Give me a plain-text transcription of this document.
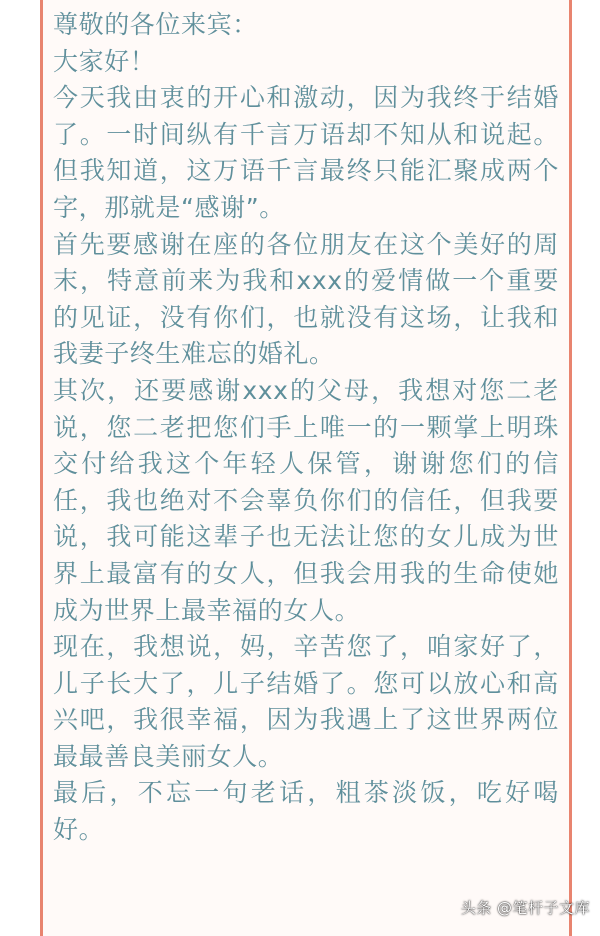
尊敬的各位来宾：

大家好！

今天我由衷的开心和激动，因为我终于结婚了。一时间纵有千言万语却不知从和说起。但我知道，这万语千言最终只能汇聚成两个字，那就是“感谢”。

首先要感谢在座的各位朋友在这个美好的周末，特意前来为我和xxx的爱情做一个重要的见证，没有你们，也就没有这场，让我和我妻子终生难忘的婚礼。

其次，还要感谢xxx的父母，我想对您二老说，您二老把您们手上唯一的一颗掌上明珠交付给我这个年轻人保管，谢谢您们的信任，我也绝对不会辜负你们的信任，但我要说，我可能这辈子也无法让您的女儿成为世界上最富有的女人，但我会用我的生命使她成为世界上最幸福的女人。

现在，我想说，妈，辛苦您了，咱家好了，儿子长大了，儿子结婚了。您可以放心和高兴吧，我很幸福，因为我遇上了这世界两位最最善良美丽女人。

最后，不忘一句老话，粗茶淡饭，吃好喝好。

头条 @笔杆子文库
